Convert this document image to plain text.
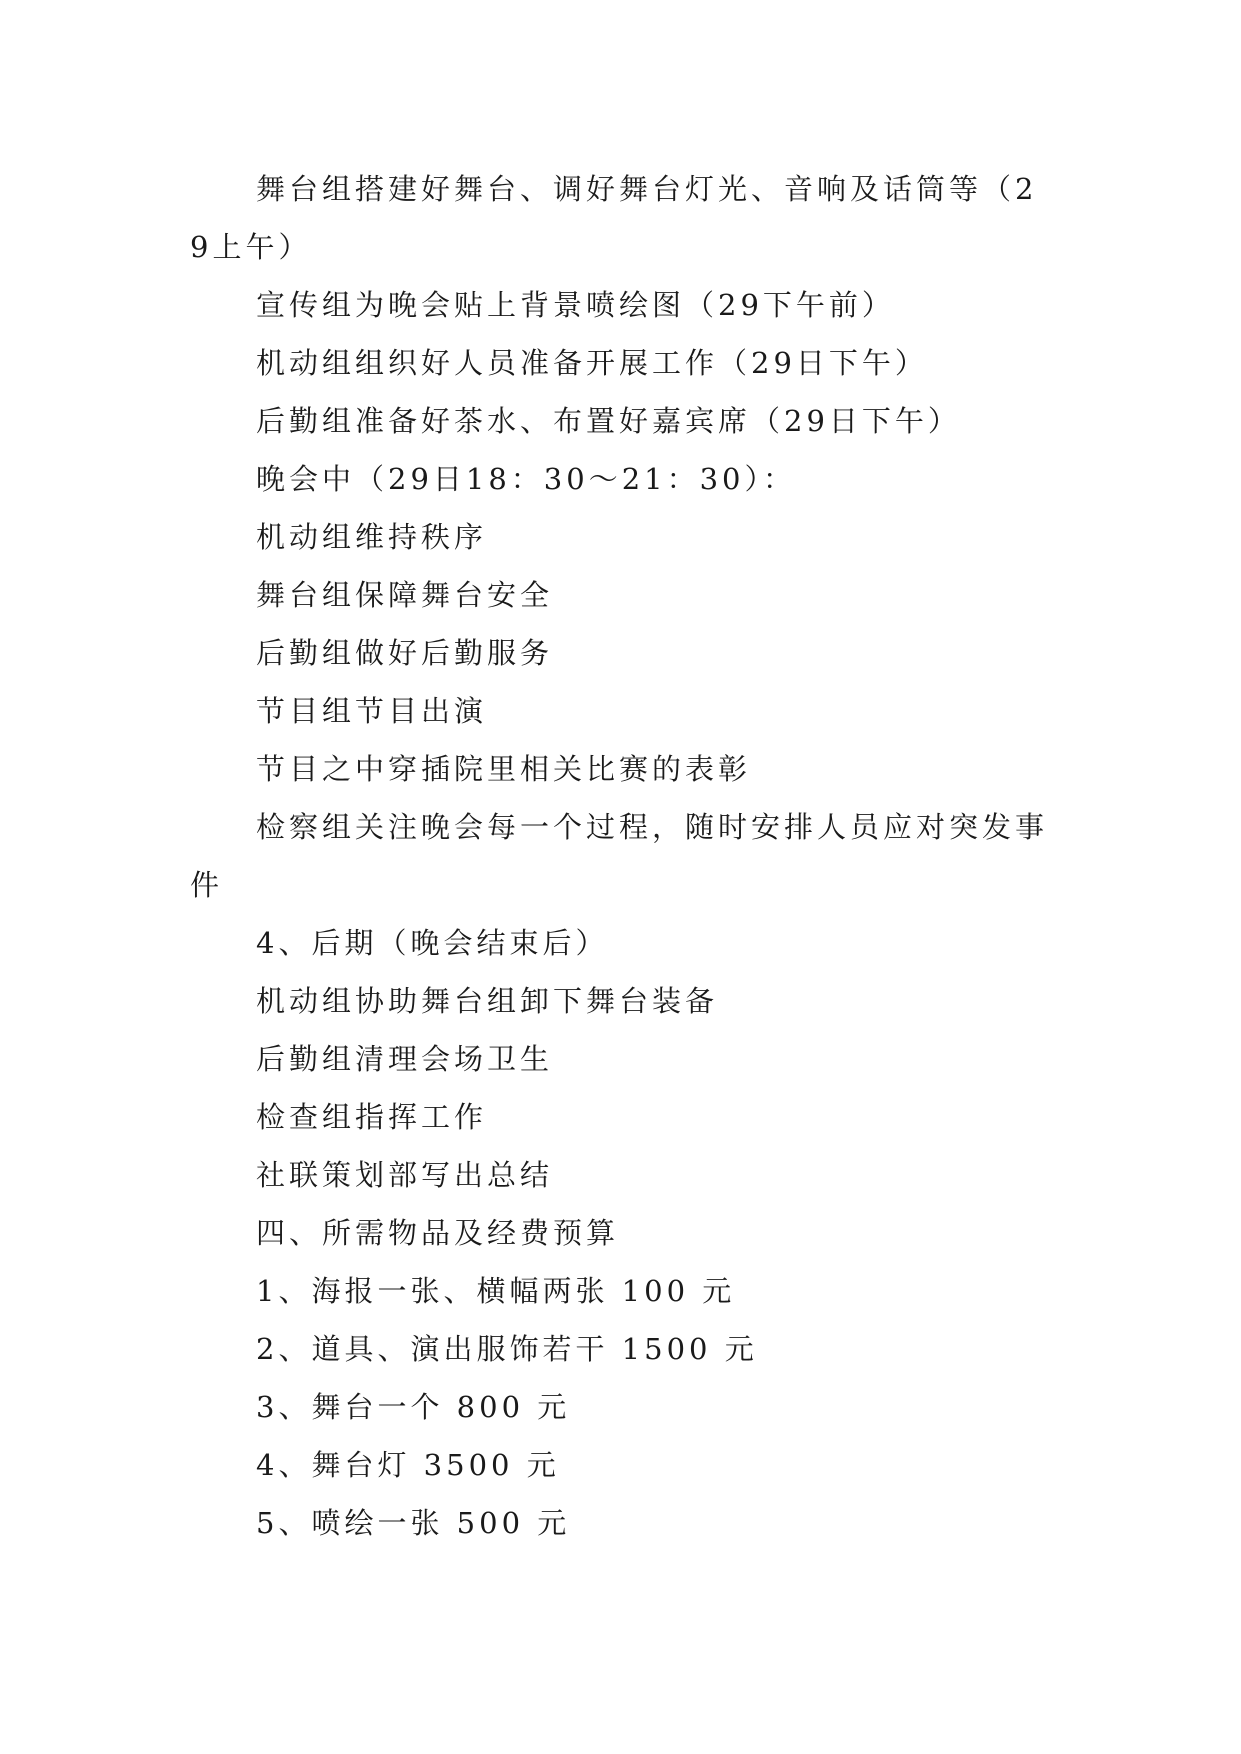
舞台组搭建好舞台、调好舞台灯光、音响及话筒等（29上午）

宣传组为晚会贴上背景喷绘图（29下午前）

机动组组织好人员准备开展工作（29日下午）

后勤组准备好茶水、布置好嘉宾席（29日下午）

晚会中（29日18：30～21：30）：

机动组维持秩序

舞台组保障舞台安全

后勤组做好后勤服务

节目组节目出演

节目之中穿插院里相关比赛的表彰

检察组关注晚会每一个过程，随时安排人员应对突发事件

4、后期（晚会结束后）

机动组协助舞台组卸下舞台装备

后勤组清理会场卫生

检查组指挥工作

社联策划部写出总结

四、所需物品及经费预算

1、海报一张、横幅两张 100 元

2、道具、演出服饰若干 1500 元

3、舞台一个 800 元

4、舞台灯 3500 元

5、喷绘一张 500 元
